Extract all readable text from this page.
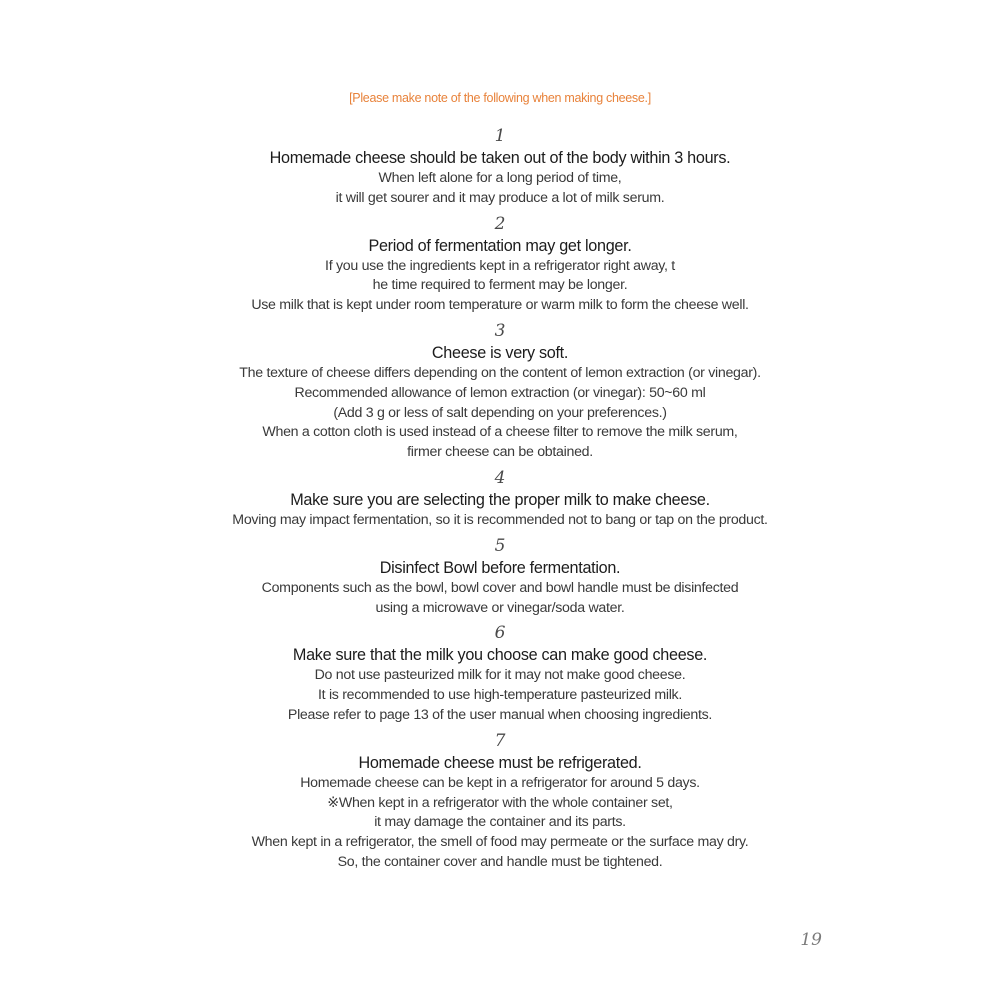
[Please make note of the following when making cheese.]

1
Homemade cheese should be taken out of the body within 3 hours.
When left alone for a long period of time,
it will get sourer and it may produce a lot of milk serum.
2
Period of fermentation may get longer.
If you use the ingredients kept in a refrigerator right away, t
he time required to ferment may be longer.
Use milk that is kept under room temperature or warm milk to form the cheese well.
3
Cheese is very soft.
The texture of cheese differs depending on the content of lemon extraction (or vinegar).
Recommended allowance of lemon extraction (or vinegar): 50~60 ml
(Add 3 g or less of salt depending on your preferences.)
When a cotton cloth is used instead of a cheese filter to remove the milk serum,
firmer cheese can be obtained.
4
Make sure you are selecting the proper milk to make cheese.
Moving may impact fermentation, so it is recommended not to bang or tap on the product.
5
Disinfect Bowl before fermentation.
Components such as the bowl, bowl cover and bowl handle must be disinfected
using a microwave or vinegar/soda water.
6
Make sure that the milk you choose can make good cheese.
Do not use pasteurized milk for it may not make good cheese.
It is recommended to use high-temperature pasteurized milk.
Please refer to page 13 of the user manual when choosing ingredients.
7
Homemade cheese must be refrigerated.
Homemade cheese can be kept in a refrigerator for around 5 days.
※When kept in a refrigerator with the whole container set,
it may damage the container and its parts.
When kept in a refrigerator, the smell of food may permeate or the surface may dry.
So, the container cover and handle must be tightened.
19
